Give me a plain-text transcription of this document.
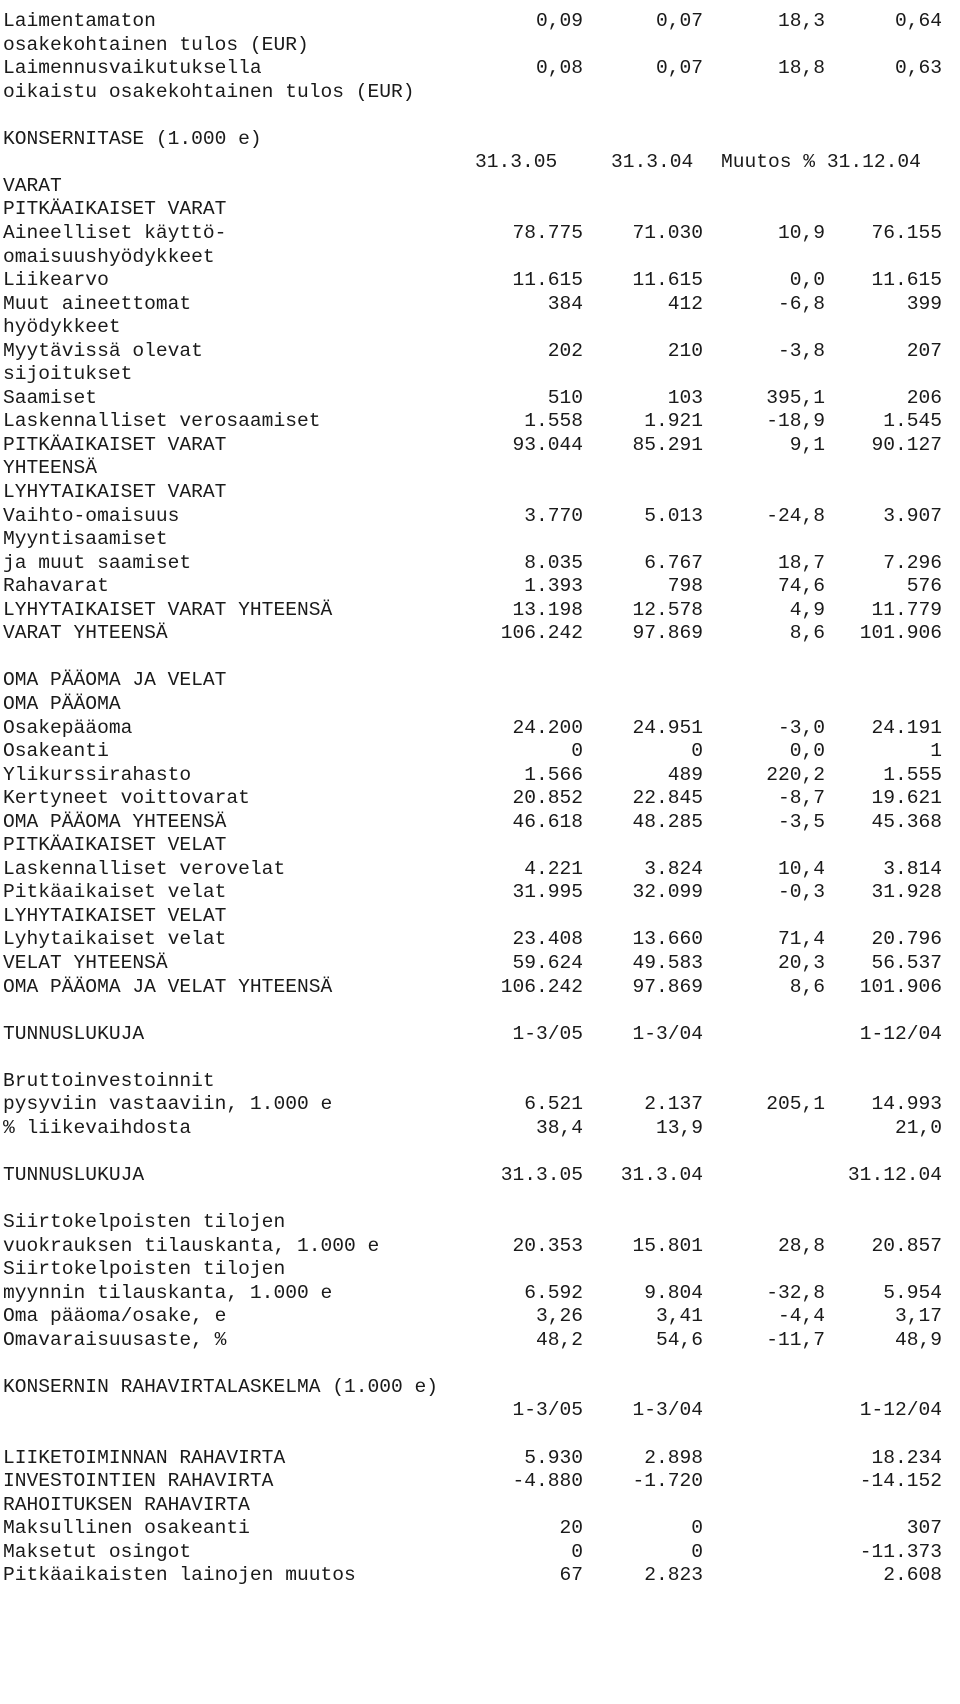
Laimentamaton	0,09	0,07	18,3	0,64
osakekohtainen tulos (EUR)
Laimennusvaikutuksella	0,08	0,07	18,8	0,63
oikaistu osakekohtainen tulos (EUR)
KONSERNITASE (1.000 e)
31.3.05	31.3.04 Muutos % 31.12.04
VARAT
PITKÄAIKAISET VARAT
Aineelliset käyttö-	78.775	71.030	10,9 76.155
omaisuushyödykkeet
Liikearvo	11.615	11.615	0,0 11.615
Muut aineettomat	384	412	-6,8	399
hyödykkeet
Myytävissä olevat	202	210	-3,8	207
sijoitukset
Saamiset	510	103	395,1	206
Laskennalliset verosaamiset	1.558	1.921	-18,9	1.545
PITKÄAIKAISET VARAT	93.044	85.291	9,1 90.127
YHTEENSÄ
LYHYTAIKAISET VARAT
Vaihto-omaisuus	3.770	5.013	-24,8	3.907
Myyntisaamiset
ja muut saamiset	8.035	6.767	18,7	7.296
Rahavarat	1.393	798	74,6	576
LYHYTAIKAISET VARAT YHTEENSÄ	13.198	12.578	4,9 11.779
VARAT YHTEENSÄ	106.242	97.869	8,6 101.906
OMA PÄÄOMA JA VELAT
OMA PÄÄOMA
Osakepääoma	24.200	24.951	-3,0 24.191
Osakeanti	0	0	0,0	1
Ylikurssirahasto	1.566	489	220,2	1.555
Kertyneet voittovarat	20.852	22.845	-8,7 19.621
OMA PÄÄOMA YHTEENSÄ	46.618	48.285	-3,5 45.368
PITKÄAIKAISET VELAT
Laskennalliset verovelat	4.221	3.824	10,4	3.814
Pitkäaikaiset velat	31.995	32.099	-0,3 31.928
LYHYTAIKAISET VELAT
Lyhytaikaiset velat	23.408	13.660	71,4 20.796
VELAT YHTEENSÄ	59.624	49.583	20,3 56.537
OMA PÄÄOMA JA VELAT YHTEENSÄ	106.242	97.869	8,6 101.906
TUNNUSLUKUJA	1-3/05	1-3/04	1-12/04
Bruttoinvestoinnit
pysyviin vastaaviin, 1.000 e	6.521	2.137	205,1 14.993
% liikevaihdosta	38,4	13,9	21,0
TUNNUSLUKUJA	31.3.05 31.3.04	31.12.04
Siirtokelpoisten tilojen
vuokrauksen tilauskanta, 1.000 e	20.353	15.801	28,8 20.857
Siirtokelpoisten tilojen
myynnin tilauskanta, 1.000 e	6.592	9.804	-32,8	5.954
Oma pääoma/osake, e	3,26	3,41	-4,4	3,17
Omavaraisuusaste, %	48,2	54,6	-11,7	48,9
KONSERNIN RAHAVIRTALASKELMA (1.000 e)
1-3/05	1-3/04	1-12/04
LIIKETOIMINNAN RAHAVIRTA	5.930	2.898	18.234
INVESTOINTIEN RAHAVIRTA	-4.880	-1.720	-14.152
RAHOITUKSEN RAHAVIRTA
Maksullinen osakeanti	20	0	307
Maksetut osingot	0	0	-11.373
Pitkäaikaisten lainojen muutos	67	2.823	2.608
